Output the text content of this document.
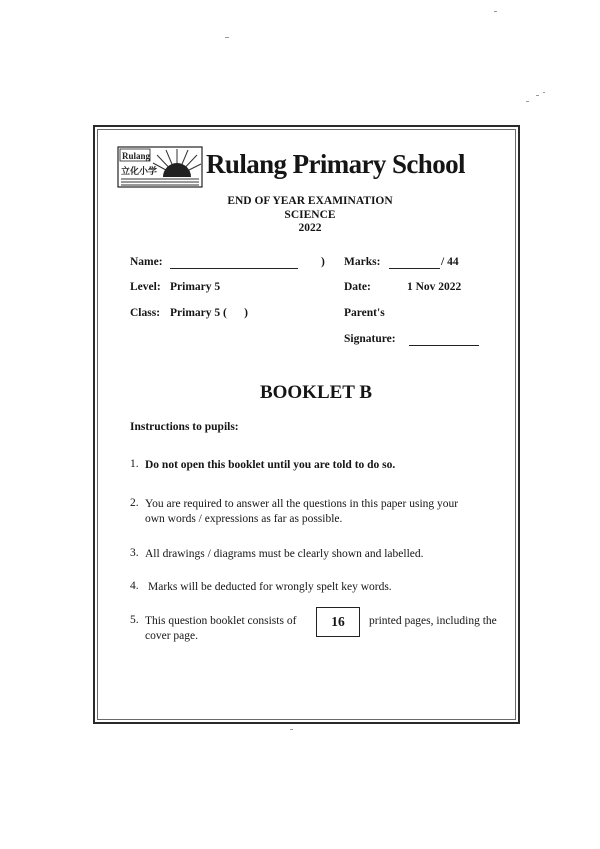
Rulang
立化小学 Rulang Primary School
END OF YEAR EXAMINATION
SCIENCE
2022
Name:	) Marks:	/ 44
Level: Primary 5	Date:	1 Nov 2022
Class: Primary 5 (      )	Parent's
Signature:
BOOKLET B
Instructions to pupils:
1. Do not open this booklet until you are told to do so.
2. You are required to answer all the questions in this paper using your
own words / expressions as far as possible.
3. All drawings / diagrams must be clearly shown and labelled.
4. Marks will be deducted for wrongly spelt key words.
5. This question booklet consists of	16	printed pages, including the
cover page.
